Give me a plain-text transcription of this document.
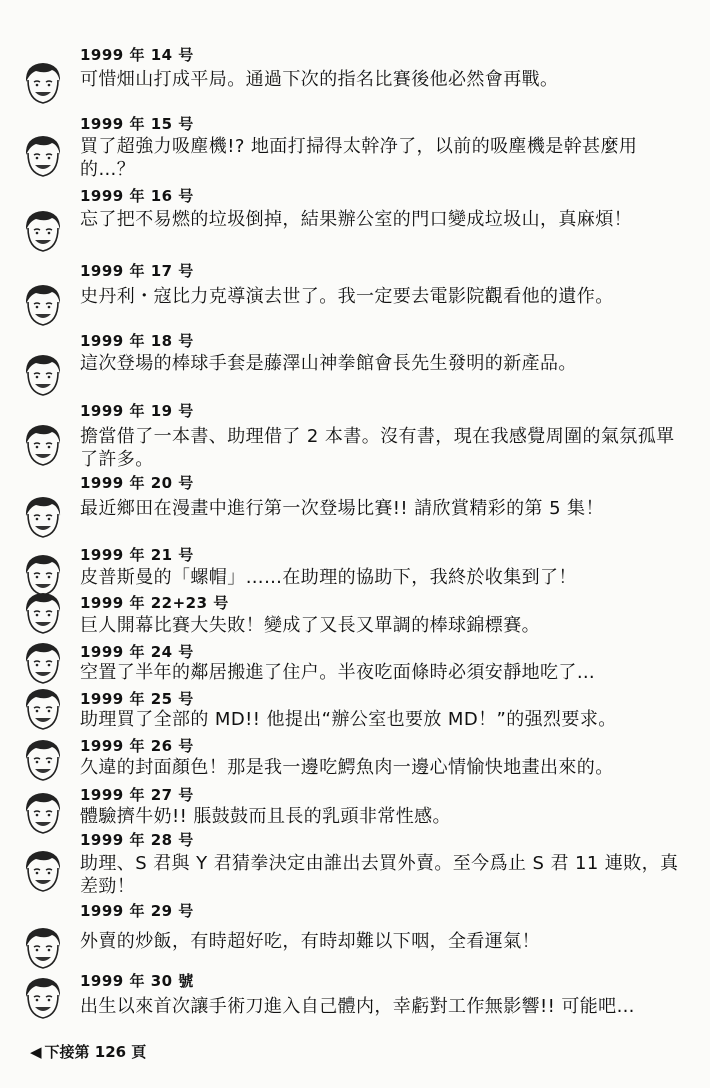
1999 年 14 号
可惜畑山打成平局。通過下次的指名比賽後他必然會再戰。
1999 年 15 号
買了超強力吸塵機!? 地面打掃得太幹净了，以前的吸塵機是幹甚麼用的…？
1999 年 16 号
忘了把不易燃的垃圾倒掉，結果辦公室的門口變成垃圾山，真麻煩！
1999 年 17 号
史丹利・寇比力克導演去世了。我一定要去電影院觀看他的遺作。
1999 年 18 号
這次登場的棒球手套是藤澤山神拳館會長先生發明的新產品。
1999 年 19 号
擔當借了一本書、助理借了 2 本書。沒有書，現在我感覺周圍的氣氛孤單了許多。
1999 年 20 号
最近鄉田在漫畫中進行第一次登場比賽!! 請欣賞精彩的第 5 集！
1999 年 21 号
皮普斯曼的「螺帽」……在助理的協助下，我終於收集到了！
1999 年 22+23 号
巨人開幕比賽大失敗！變成了又長又單調的棒球錦標賽。
1999 年 24 号
空置了半年的鄰居搬進了住户。半夜吃面條時必須安靜地吃了…
1999 年 25 号
助理買了全部的 MD!! 他提出“辦公室也要放 MD！”的强烈要求。
1999 年 26 号
久違的封面顏色！那是我一邊吃鰐魚肉一邊心情愉快地畫出來的。
1999 年 27 号
體驗擠牛奶!! 脹鼓鼓而且長的乳頭非常性感。
1999 年 28 号
助理、S 君與 Y 君猜拳決定由誰出去買外賣。至今爲止 S 君 11 連敗，真差勁！
1999 年 29 号
外賣的炒飯，有時超好吃，有時却難以下咽，全看運氣！
1999 年 30 號
出生以來首次讓手術刀進入自己體内，幸虧對工作無影響!! 可能吧…
◀ 下接第 126 頁
